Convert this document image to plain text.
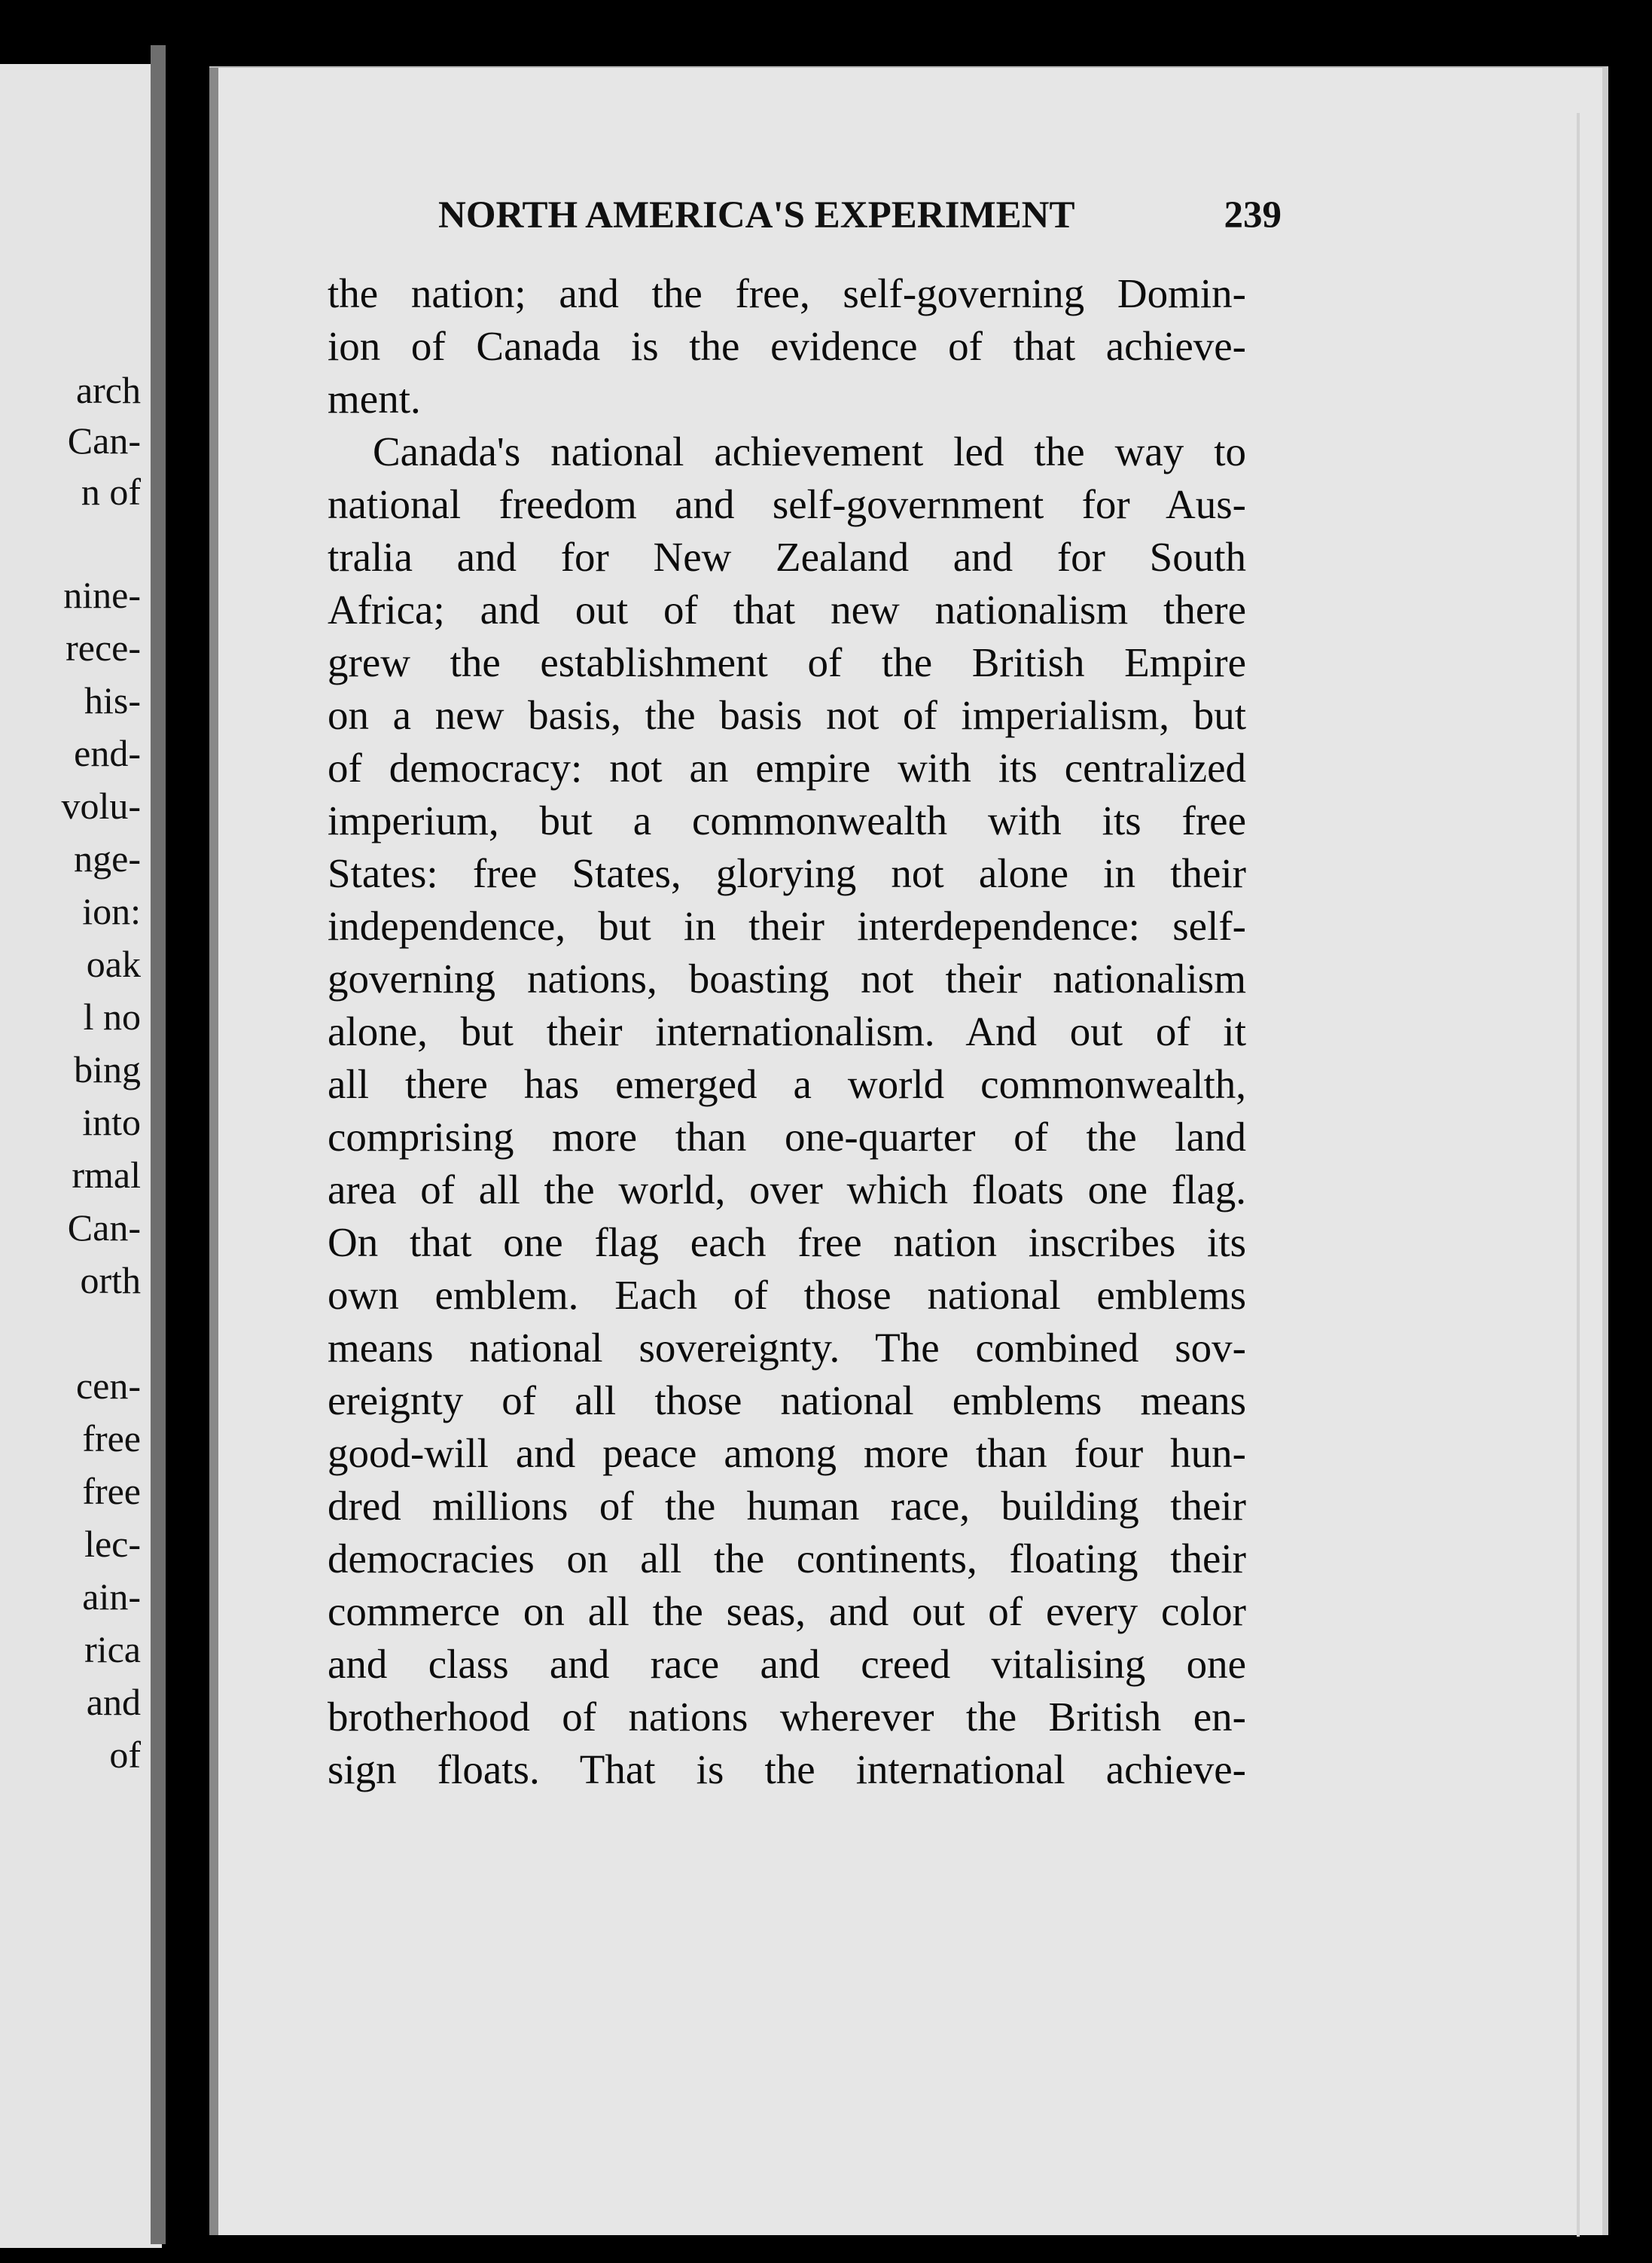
arch
Can-
n of
nine-
rece-
his-
end-
volu-
nge-
ion:
oak
l no
bing
into
rmal
Can-
orth
cen-
free
free
lec-
ain-
rica
and
of
NORTH AMERICA'S EXPERIMENT	239
the nation; and the free, self-governing Domin-
ion of Canada is the evidence of that achieve-
ment.
Canada's national achievement led the way to
national freedom and self-government for Aus-
tralia and for New Zealand and for South
Africa; and out of that new nationalism there
grew the establishment of the British Empire
on a new basis, the basis not of imperialism, but
of democracy: not an empire with its centralized
imperium, but a commonwealth with its free
States: free States, glorying not alone in their
independence, but in their interdependence: self-
governing nations, boasting not their nationalism
alone, but their internationalism. And out of it
all there has emerged a world commonwealth,
comprising more than one-quarter of the land
area of all the world, over which floats one flag.
On that one flag each free nation inscribes its
own emblem. Each of those national emblems
means national sovereignty. The combined sov-
ereignty of all those national emblems means
good-will and peace among more than four hun-
dred millions of the human race, building their
democracies on all the continents, floating their
commerce on all the seas, and out of every color
and class and race and creed vitalising one
brotherhood of nations wherever the British en-
sign floats. That is the international achieve-
